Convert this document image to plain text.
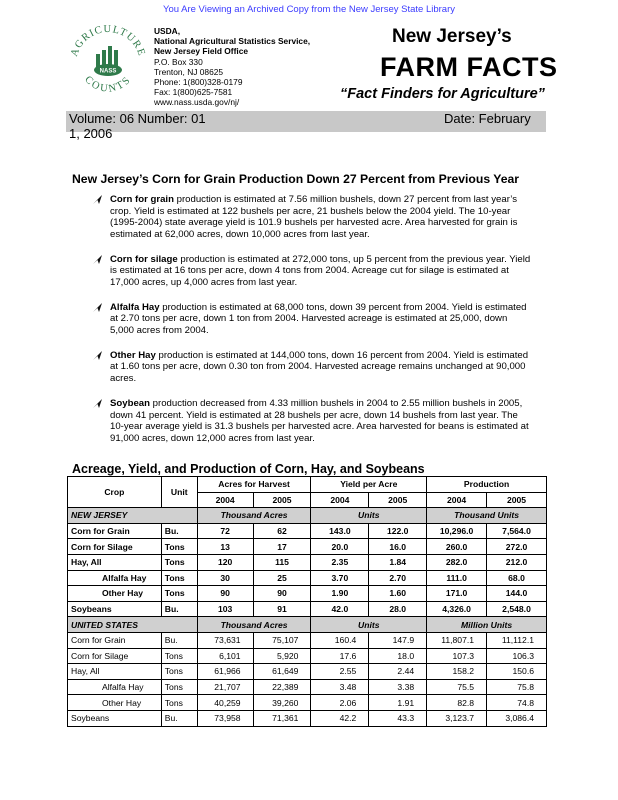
You Are Viewing an Archived Copy from the New Jersey State Library
AGRICULTURE
COUNTS
NASS
USDA,
National Agricultural Statistics Service,
New Jersey Field Office
P.O. Box 330
Trenton, NJ 08625
Phone: 1(800)328-0179
Fax: 1(800)625-7581
www.nass.usda.gov/nj/
New Jersey’s
FARM FACTS
“Fact Finders for Agriculture”
Volume: 06 Number: 01
1, 2006
Date: February
New Jersey’s Corn for Grain Production Down 27 Percent from Previous Year
Corn for grain production is estimated at 7.56 million bushels, down 27 percent from last year’s crop. Yield is estimated at 122 bushels per acre, 21 bushels below the 2004 yield. The 10-year (1995-2004) state average yield is 101.9 bushels per harvested acre. Area harvested for grain is estimated at 62,000 acres, down 10,000 acres from last year.
Corn for silage production is estimated at 272,000 tons, up 5 percent from the previous year. Yield is estimated at 16 tons per acre, down 4 tons from 2004. Acreage cut for silage is estimated at 17,000 acres, up 4,000 acres from last year.
Alfalfa Hay production is estimated at 68,000 tons, down 39 percent from 2004. Yield is estimated at 2.70 tons per acre, down 1 ton from 2004. Harvested acreage is estimated at 25,000, down 5,000 acres from 2004.
Other Hay production is estimated at 144,000 tons, down 16 percent from 2004. Yield is estimated at 1.60 tons per acre, down 0.30 ton from 2004. Harvested acreage remains unchanged at 90,000 acres.
Soybean production decreased from 4.33 million bushels in 2004 to 2.55 million bushels in 2005, down 41 percent. Yield is estimated at 28 bushels per acre, down 14 bushels from last year. The 10-year average yield is 31.3 bushels per harvested acre. Area harvested for beans is estimated at 91,000 acres, down 12,000 acres from last year.
Acreage, Yield, and Production of Corn, Hay, and Soybeans
Crop	Unit	Acres for Harvest		Yield per Acre		Production	
		2004	2005	2004	2005	2004	2005
NEW JERSEY		Thousand Acres		Units		Thousand Units	
Corn for Grain	Bu.	72	62	143.0	122.0	10,296.0	7,564.0
Corn for Silage	Tons	13	17	20.0	16.0	260.0	272.0
Hay, All	Tons	120	115	2.35	1.84	282.0	212.0
Alfalfa Hay	Tons	30	25	3.70	2.70	111.0	68.0
Other Hay	Tons	90	90	1.90	1.60	171.0	144.0
Soybeans	Bu.	103	91	42.0	28.0	4,326.0	2,548.0
UNITED STATES		Thousand Acres		Units		Million Units	
Corn for Grain	Bu.	73,631	75,107	160.4	147.9	11,807.1	11,112.1
Corn for Silage	Tons	6,101	5,920	17.6	18.0	107.3	106.3
Hay, All	Tons	61,966	61,649	2.55	2.44	158.2	150.6
Alfalfa Hay	Tons	21,707	22,389	3.48	3.38	75.5	75.8
Other Hay	Tons	40,259	39,260	2.06	1.91	82.8	74.8
Soybeans	Bu.	73,958	71,361	42.2	43.3	3,123.7	3,086.4
